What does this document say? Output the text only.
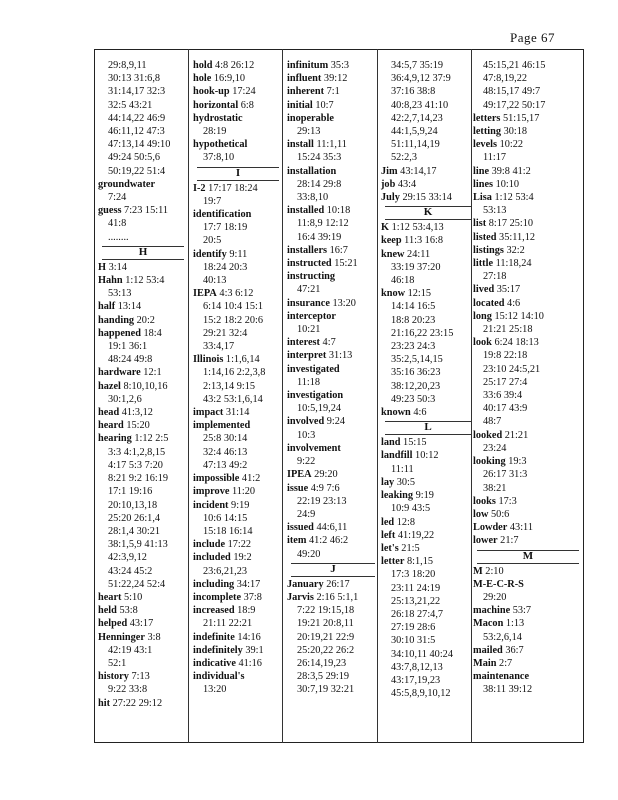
Page 67
29:8,9,11
30:13 31:6,8
31:14,17 32:3
32:5 43:21
44:14,22 46:9
46:11,12 47:3
47:13,14 49:10
49:24 50:5,6
50:19,22 51:4
groundwater
7:24
guess 7:23 15:11
41:8
........
H
H 3:14
Hahn 1:12 53:4
53:13
half 13:14
handing 20:2
happened 18:4
19:1 36:1
48:24 49:8
hardware 12:1
hazel 8:10,10,16
30:1,2,6
head 41:3,12
heard 15:20
hearing 1:12 2:5
3:3 4:1,2,8,15
4:17 5:3 7:20
8:21 9:2 16:19
17:1 19:16
20:10,13,18
25:20 26:1,4
28:1,4 30:21
38:1,5,9 41:13
42:3,9,12
43:24 45:2
51:22,24 52:4
heart 5:10
held 53:8
helped 43:17
Henninger 3:8
42:19 43:1
52:1
history 7:13
9:22 33:8
hit 27:22 29:12
hold 4:8 26:12
hole 16:9,10
hook-up 17:24
horizontal 6:8
hydrostatic
28:19
hypothetical
37:8,10
I
I-2 17:17 18:24
19:7
identification
17:7 18:19
20:5
identify 9:11
18:24 20:3
40:13
IEPA 4:3 6:12
6:14 10:4 15:1
15:2 18:2 20:6
29:21 32:4
33:4,17
Illinois 1:1,6,14
1:14,16 2:2,3,8
2:13,14 9:15
43:2 53:1,6,14
impact 31:14
implemented
25:8 30:14
32:4 46:13
47:13 49:2
impossible 41:2
improve 11:20
incident 9:19
10:6 14:15
15:18 16:14
include 17:22
included 19:2
23:6,21,23
including 34:17
incomplete 37:8
increased 18:9
21:11 22:21
indefinite 14:16
indefinitely 39:1
indicative 41:16
individual's
13:20
infinitum 35:3
influent 39:12
inherent 7:1
initial 10:7
inoperable
29:13
install 11:1,11
15:24 35:3
installation
28:14 29:8
33:8,10
installed 10:18
11:8,9 12:12
16:4 39:19
installers 16:7
instructed 15:21
instructing
47:21
insurance 13:20
interceptor
10:21
interest 4:7
interpret 31:13
investigated
11:18
investigation
10:5,19,24
involved 9:24
10:3
involvement
9:22
IPEA 29:20
issue 4:9 7:6
22:19 23:13
24:9
issued 44:6,11
item 41:2 46:2
49:20
J
January 26:17
Jarvis 2:16 5:1,1
7:22 19:15,18
19:21 20:8,11
20:19,21 22:9
25:20,22 26:2
26:14,19,23
28:3,5 29:19
30:7,19 32:21
34:5,7 35:19
36:4,9,12 37:9
37:16 38:8
40:8,23 41:10
42:2,7,14,23
44:1,5,9,24
51:11,14,19
52:2,3
Jim 43:14,17
job 43:4
July 29:15 33:14
K
K 1:12 53:4,13
keep 11:3 16:8
knew 24:11
33:19 37:20
46:18
know 12:15
14:14 16:5
18:8 20:23
21:16,22 23:15
23:23 24:3
35:2,5,14,15
35:16 36:23
38:12,20,23
49:23 50:3
known 4:6
L
land 15:15
landfill 10:12
11:11
lay 30:5
leaking 9:19
10:9 43:5
led 12:8
left 41:19,22
let's 21:5
letter 8:1,15
17:3 18:20
23:11 24:19
25:13,21,22
26:18 27:4,7
27:19 28:6
30:10 31:5
34:10,11 40:24
43:7,8,12,13
43:17,19,23
45:5,8,9,10,12
45:15,21 46:15
47:8,19,22
48:15,17 49:7
49:17,22 50:17
letters 51:15,17
letting 30:18
levels 10:22
11:17
line 39:8 41:2
lines 10:10
Lisa 1:12 53:4
53:13
list 8:17 25:10
listed 35:11,12
listings 32:2
little 11:18,24
27:18
lived 35:17
located 4:6
long 15:12 14:10
21:21 25:18
look 6:24 18:13
19:8 22:18
23:10 24:5,21
25:17 27:4
33:6 39:4
40:17 43:9
48:7
looked 21:21
23:24
looking 19:3
26:17 31:3
38:21
looks 17:3
low 50:6
Lowder 43:11
lower 21:7
M
M 2:10
M-E-C-R-S
29:20
machine 53:7
Macon 1:13
53:2,6,14
mailed 36:7
Main 2:7
maintenance
38:11 39:12
